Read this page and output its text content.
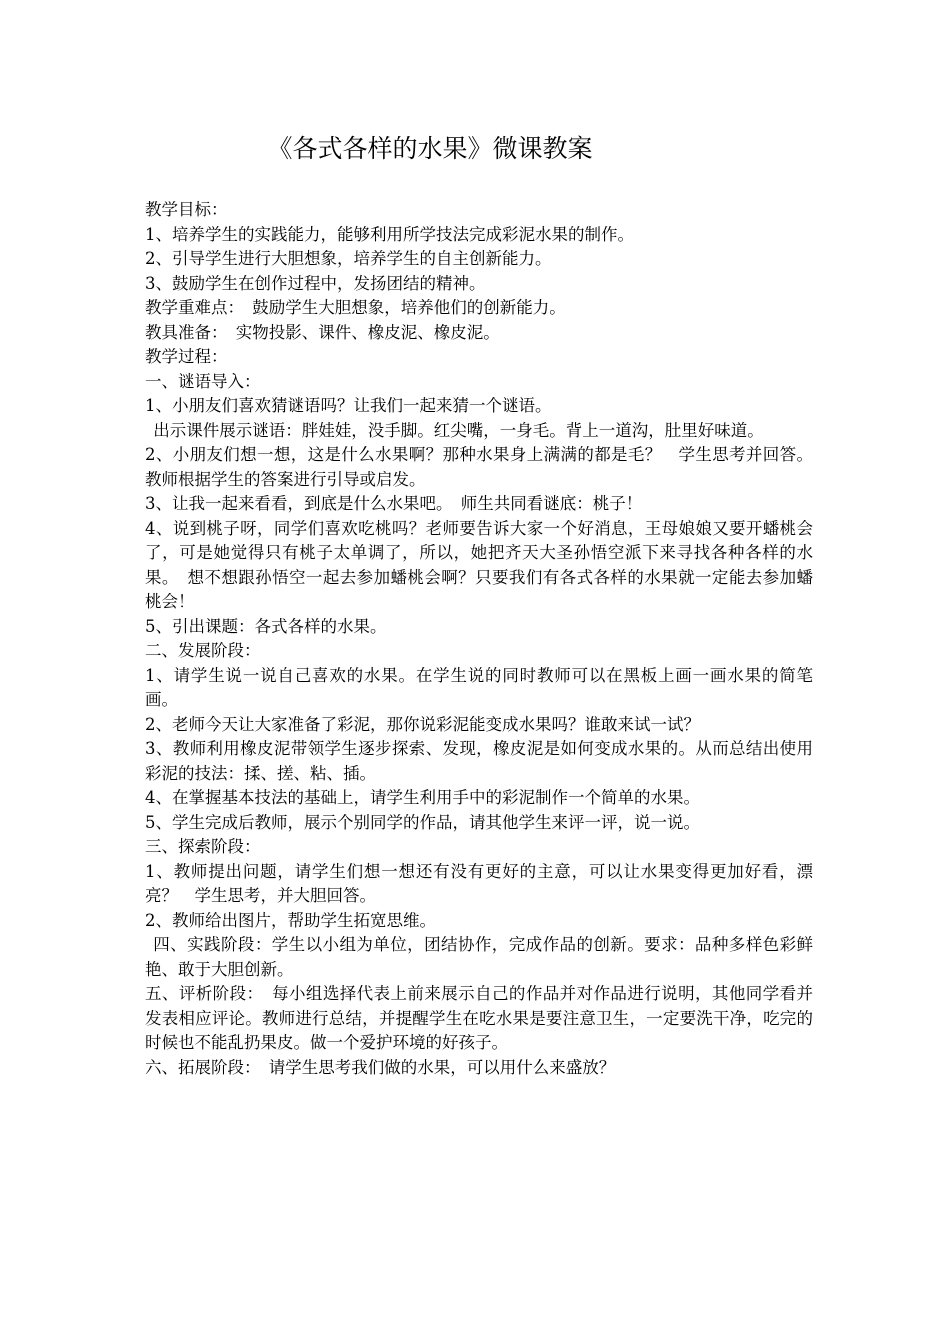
《各式各样的水果》微课教案

教学目标：

1、培养学生的实践能力，能够利用所学技法完成彩泥水果的制作。

2、引导学生进行大胆想象，培养学生的自主创新能力。

3、鼓励学生在创作过程中，发扬团结的精神。

教学重难点：　鼓励学生大胆想象，培养他们的创新能力。

教具准备：　实物投影、课件、橡皮泥、橡皮泥。

教学过程：

一、谜语导入：

1、小朋友们喜欢猜谜语吗？让我们一起来猜一个谜语。

出示课件展示谜语：胖娃娃，没手脚。红尖嘴，一身毛。背上一道沟，肚里好味道。

2、小朋友们想一想，这是什么水果啊？那种水果身上满满的都是毛？　学生思考并回答。教师根据学生的答案进行引导或启发。

3、让我一起来看看，到底是什么水果吧。　师生共同看谜底：桃子！

4、说到桃子呀，同学们喜欢吃桃吗？老师要告诉大家一个好消息，王母娘娘又要开蟠桃会了，可是她觉得只有桃子太单调了，所以，她把齐天大圣孙悟空派下来寻找各种各样的水果。　想不想跟孙悟空一起去参加蟠桃会啊？只要我们有各式各样的水果就一定能去参加蟠桃会！

5、引出课题：各式各样的水果。

二、发展阶段：

1、请学生说一说自己喜欢的水果。在学生说的同时教师可以在黑板上画一画水果的简笔画。

2、老师今天让大家准备了彩泥，那你说彩泥能变成水果吗？谁敢来试一试？

3、教师利用橡皮泥带领学生逐步探索、发现，橡皮泥是如何变成水果的。从而总结出使用彩泥的技法：揉、搓、粘、插。

4、在掌握基本技法的基础上，请学生利用手中的彩泥制作一个简单的水果。

5、学生完成后教师，展示个别同学的作品，请其他学生来评一评，说一说。

三、探索阶段：

1、教师提出问题，请学生们想一想还有没有更好的主意，可以让水果变得更加好看，漂亮？　学生思考，并大胆回答。

2、教师给出图片，帮助学生拓宽思维。

四、实践阶段：学生以小组为单位，团结协作，完成作品的创新。要求：品种多样色彩鲜艳、敢于大胆创新。

五、评析阶段：　每小组选择代表上前来展示自己的作品并对作品进行说明，其他同学看并发表相应评论。教师进行总结，并提醒学生在吃水果是要注意卫生，一定要洗干净，吃完的时候也不能乱扔果皮。做一个爱护环境的好孩子。

六、拓展阶段：　请学生思考我们做的水果，可以用什么来盛放？
